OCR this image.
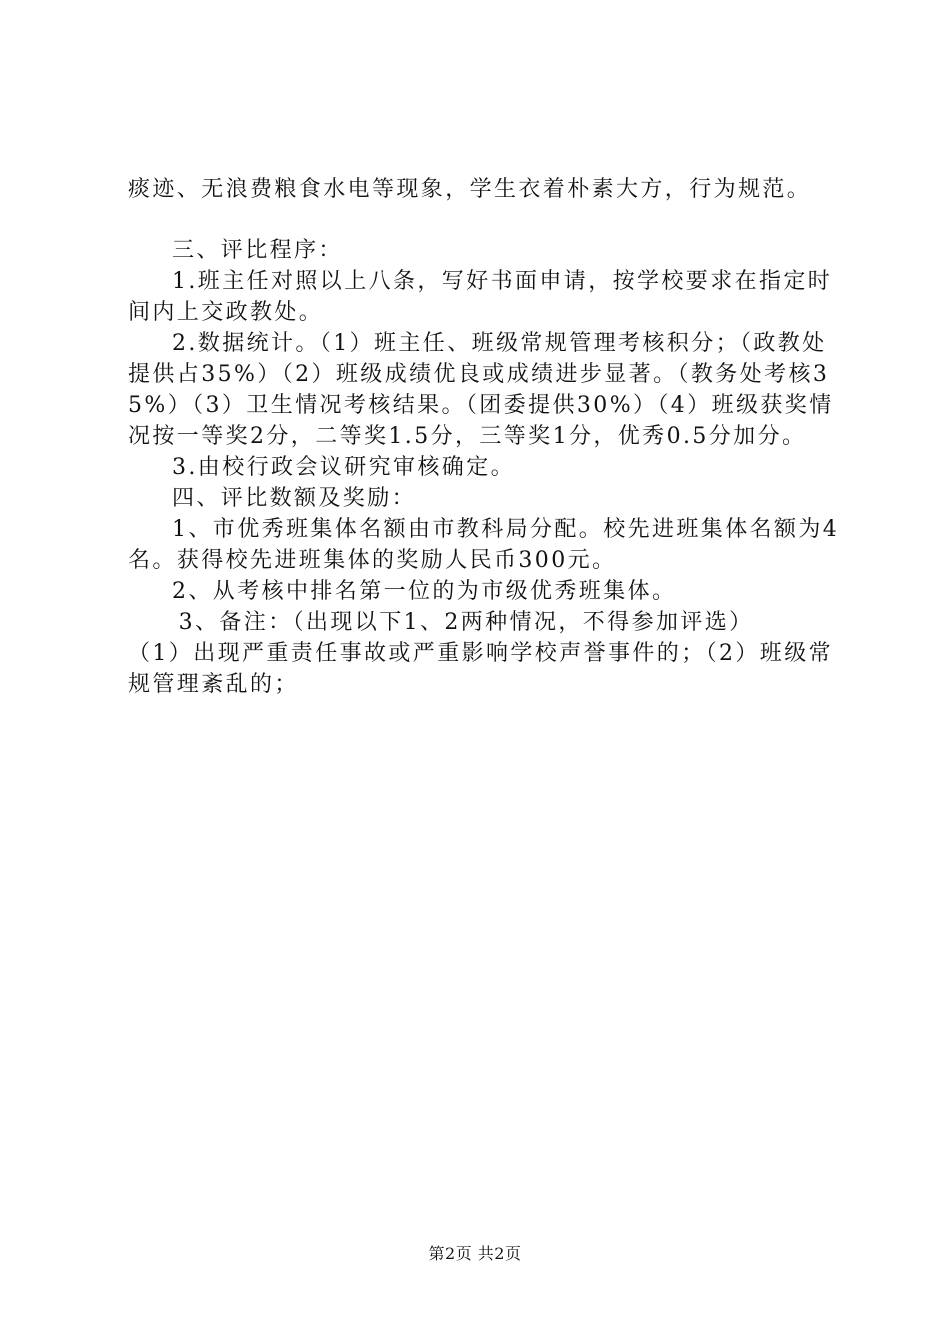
痰迹、无浪费粮食水电等现象，学生衣着朴素大方，行为规范。

三、评比程序：

1.班主任对照以上八条，写好书面申请，按学校要求在指定时间内上交政教处。

2.数据统计。（1）班主任、班级常规管理考核积分；（政教处提供占35%）（2）班级成绩优良或成绩进步显著。（教务处考核35%）（3）卫生情况考核结果。（团委提供30%）（4）班级获奖情况按一等奖2分，二等奖1.5分，三等奖1分，优秀0.5分加分。

3.由校行政会议研究审核确定。

四、评比数额及奖励：

1、市优秀班集体名额由市教科局分配。校先进班集体名额为4名。获得校先进班集体的奖励人民币300元。

2、从考核中排名第一位的为市级优秀班集体。

3、备注：（出现以下1、2两种情况，不得参加评选）

（1）出现严重责任事故或严重影响学校声誉事件的；（2）班级常规管理紊乱的；

第2页 共2页
